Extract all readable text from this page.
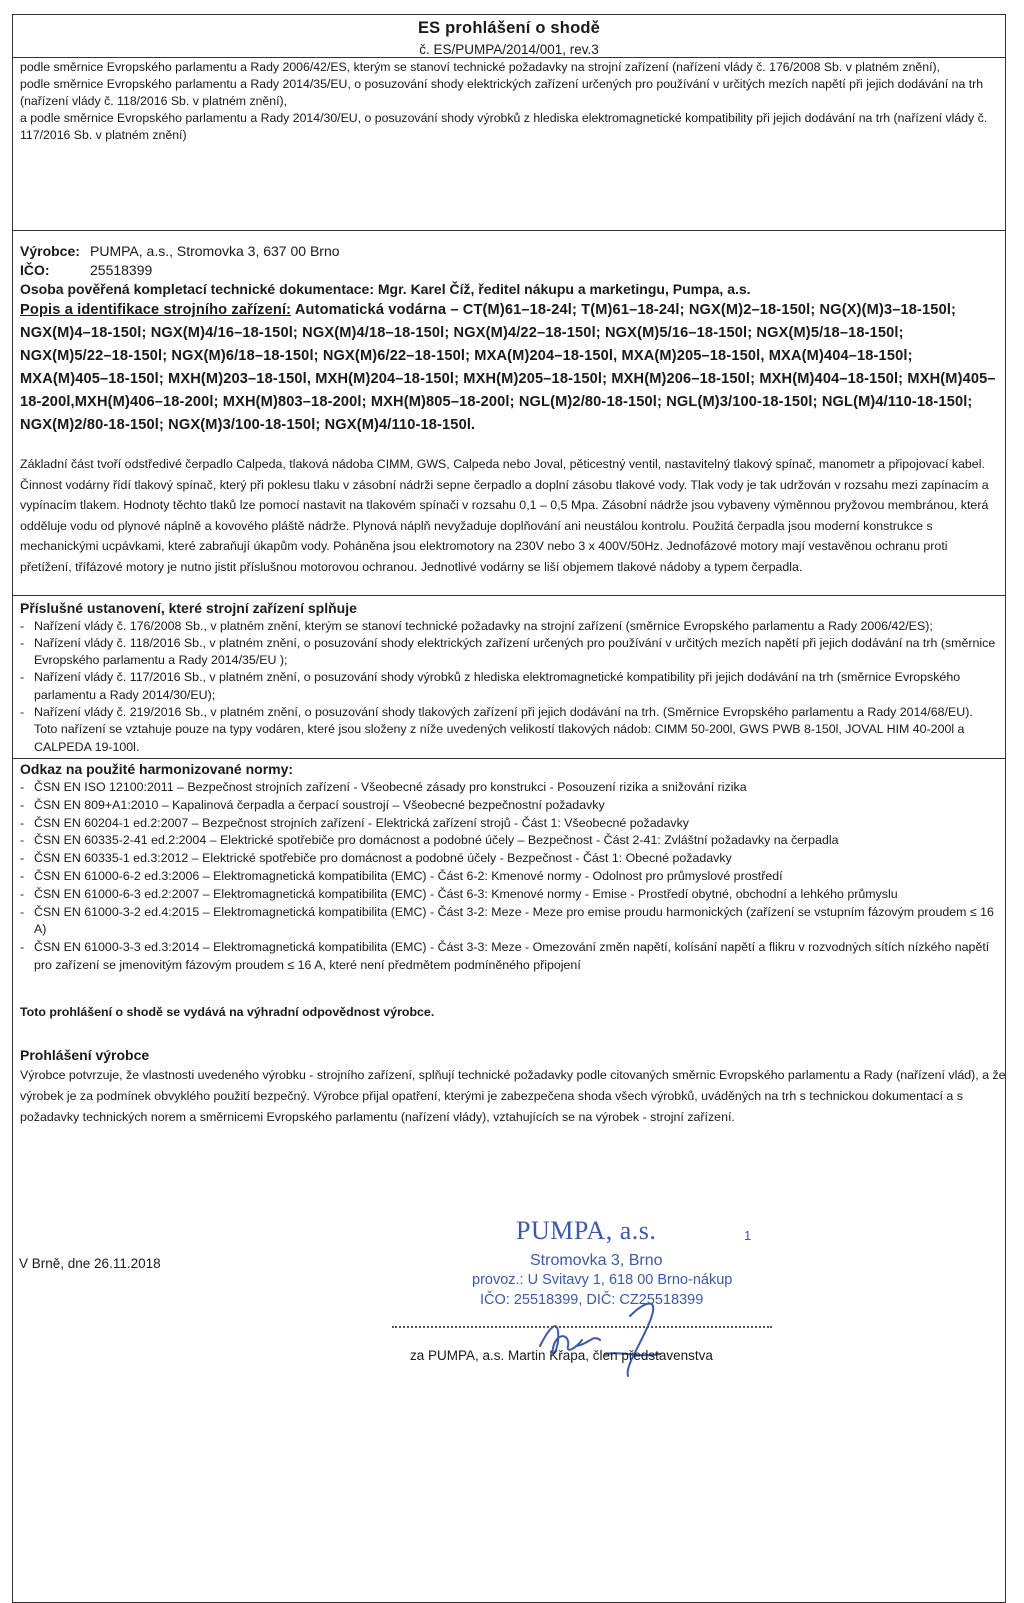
ES prohlášení o shodě
č. ES/PUMPA/2014/001, rev.3
podle směrnice Evropského parlamentu a Rady 2006/42/ES, kterým se stanoví technické požadavky na strojní zařízení (nařízení vlády č. 176/2008 Sb. v platném znění),
podle směrnice Evropského parlamentu a Rady 2014/35/EU, o posuzování shody elektrických zařízení určených pro používání v určitých mezích napětí při jejich dodávání na trh (nařízení vlády č. 118/2016 Sb. v platném znění),
a podle směrnice Evropského parlamentu a Rady 2014/30/EU, o posuzování shody výrobků z hlediska elektromagnetické kompatibility při jejich dodávání na trh (nařízení vlády č. 117/2016 Sb. v platném znění)
Výrobce: PUMPA, a.s., Stromovka 3, 637 00 Brno
IČO:	25518399
Osoba pověřená kompletací technické dokumentace: Mgr. Karel Číž, ředitel nákupu a marketingu, Pumpa, a.s.
Popis a identifikace strojního zařízení: Automatická vodárna – CT(M)61–18-24l; T(M)61–18-24l; NGX(M)2–18-150l; NG(X)(M)3–18-150l; NGX(M)4–18-150l; NGX(M)4/16–18-150l; NGX(M)4/18–18-150l; NGX(M)4/22–18-150l; NGX(M)5/16–18-150l; NGX(M)5/18–18-150l; NGX(M)5/22–18-150l; NGX(M)6/18–18-150l; NGX(M)6/22–18-150l; MXA(M)204–18-150l, MXA(M)205–18-150l, MXA(M)404–18-150l; MXA(M)405–18-150l; MXH(M)203–18-150l, MXH(M)204–18-150l; MXH(M)205–18-150l; MXH(M)206–18-150l; MXH(M)404–18-150l; MXH(M)405–18-200l,MXH(M)406–18-200l; MXH(M)803–18-200l; MXH(M)805–18-200l; NGL(M)2/80-18-150l; NGL(M)3/100-18-150l; NGL(M)4/110-18-150l; NGX(M)2/80-18-150l; NGX(M)3/100-18-150l; NGX(M)4/110-18-150l.
Základní část tvoří odstředivé čerpadlo Calpeda, tlaková nádoba CIMM, GWS, Calpeda nebo Joval, pěticestný ventil, nastavitelný tlakový spínač, manometr a připojovací kabel. Činnost vodárny řídí tlakový spínač, který při poklesu tlaku v zásobní nádrži sepne čerpadlo a doplní zásobu tlakové vody. Tlak vody je tak udržován v rozsahu mezi zapínacím a vypínacím tlakem. Hodnoty těchto tlaků lze pomocí nastavit na tlakovém spínači v rozsahu 0,1 – 0,5 Mpa. Zásobní nádrže jsou vybaveny výměnnou pryžovou membránou, která odděluje vodu od plynové náplně a kovového pláště nádrže. Plynová náplň nevyžaduje doplňování ani neustálou kontrolu. Použitá čerpadla jsou moderní konstrukce s mechanickými ucpávkami, které zabraňují úkapům vody. Poháněna jsou elektromotory na 230V nebo 3 x 400V/50Hz. Jednofázové motory mají vestavěnou ochranu proti přetížení, třífázové motory je nutno jistit příslušnou motorovou ochranou. Jednotlivé vodárny se liší objemem tlakové nádoby a typem čerpadla.
Příslušné ustanovení, které strojní zařízení splňuje
- Nařízení vlády č. 176/2008 Sb., v platném znění, kterým se stanoví technické požadavky na strojní zařízení (směrnice Evropského parlamentu a Rady 2006/42/ES);
- Nařízení vlády č. 118/2016 Sb., v platném znění, o posuzování shody elektrických zařízení určených pro používání v určitých mezích napětí při jejich dodávání na trh (směrnice Evropského parlamentu a Rady 2014/35/EU );
- Nařízení vlády č. 117/2016 Sb., v platném znění, o posuzování shody výrobků z hlediska elektromagnetické kompatibility při jejich dodávání na trh (směrnice Evropského parlamentu a Rady 2014/30/EU);
- Nařízení vlády č. 219/2016 Sb., v platném znění, o posuzování shody tlakových zařízení při jejich dodávání na trh. (Směrnice Evropského parlamentu a Rady 2014/68/EU). Toto nařízení se vztahuje pouze na typy vodáren, které jsou složeny z níže uvedených velikostí tlakových nádob: CIMM 50-200l, GWS PWB 8-150l, JOVAL HIM 40-200l a CALPEDA 19-100l.
Odkaz na použité harmonizované normy:
- ČSN EN ISO 12100:2011 – Bezpečnost strojních zařízení - Všeobecné zásady pro konstrukci - Posouzení rizika a snižování rizika
- ČSN EN 809+A1:2010 – Kapalinová čerpadla a čerpací soustrojí – Všeobecné bezpečnostní požadavky
- ČSN EN 60204-1 ed.2:2007 – Bezpečnost strojních zařízení - Elektrická zařízení strojů - Část 1: Všeobecné požadavky
- ČSN EN 60335-2-41 ed.2:2004 – Elektrické spotřebiče pro domácnost a podobné účely – Bezpečnost - Část 2-41: Zvláštní požadavky na čerpadla
- ČSN EN 60335-1 ed.3:2012 – Elektrické spotřebiče pro domácnost a podobné účely - Bezpečnost - Část 1: Obecné požadavky
- ČSN EN 61000-6-2 ed.3:2006 – Elektromagnetická kompatibilita (EMC) - Část 6-2: Kmenové normy - Odolnost pro průmyslové prostředí
- ČSN EN 61000-6-3 ed.2:2007 – Elektromagnetická kompatibilita (EMC) - Část 6-3: Kmenové normy - Emise - Prostředí obytné, obchodní a lehkého průmyslu
- ČSN EN 61000-3-2 ed.4:2015 – Elektromagnetická kompatibilita (EMC) - Část 3-2: Meze - Meze pro emise proudu harmonických (zařízení se vstupním fázovým proudem ≤ 16 A)
- ČSN EN 61000-3-3 ed.3:2014 – Elektromagnetická kompatibilita (EMC) - Část 3-3: Meze - Omezování změn napětí, kolísání napětí a flikru v rozvodných sítích nízkého napětí pro zařízení se jmenovitým fázovým proudem ≤ 16 A, které není předmětem podmíněného připojení
Toto prohlášení o shodě se vydává na výhradní odpovědnost výrobce.
Prohlášení výrobce
Výrobce potvrzuje, že vlastnosti uvedeného výrobku - strojního zařízení, splňují technické požadavky podle citovaných směrnic Evropského parlamentu a Rady (nařízení vlád), a že výrobek je za podmínek obvyklého použití bezpečný. Výrobce přijal opatření, kterými je zabezpečena shoda všech výrobků, uváděných na trh s technickou dokumentací a s požadavky technických norem a směrnicemi Evropského parlamentu (nařízení vlády), vztahujících se na výrobek - strojní zařízení.
V Brně, dne 26.11.2018
PUMPA, a.s.
Stromovka 3, Brno
provoz.: U Svitavy 1, 618 00 Brno-nákup
IČO: 25518399, DIČ: CZ25518399
1
za PUMPA, a.s. Martin Křapa, člen představenstva
